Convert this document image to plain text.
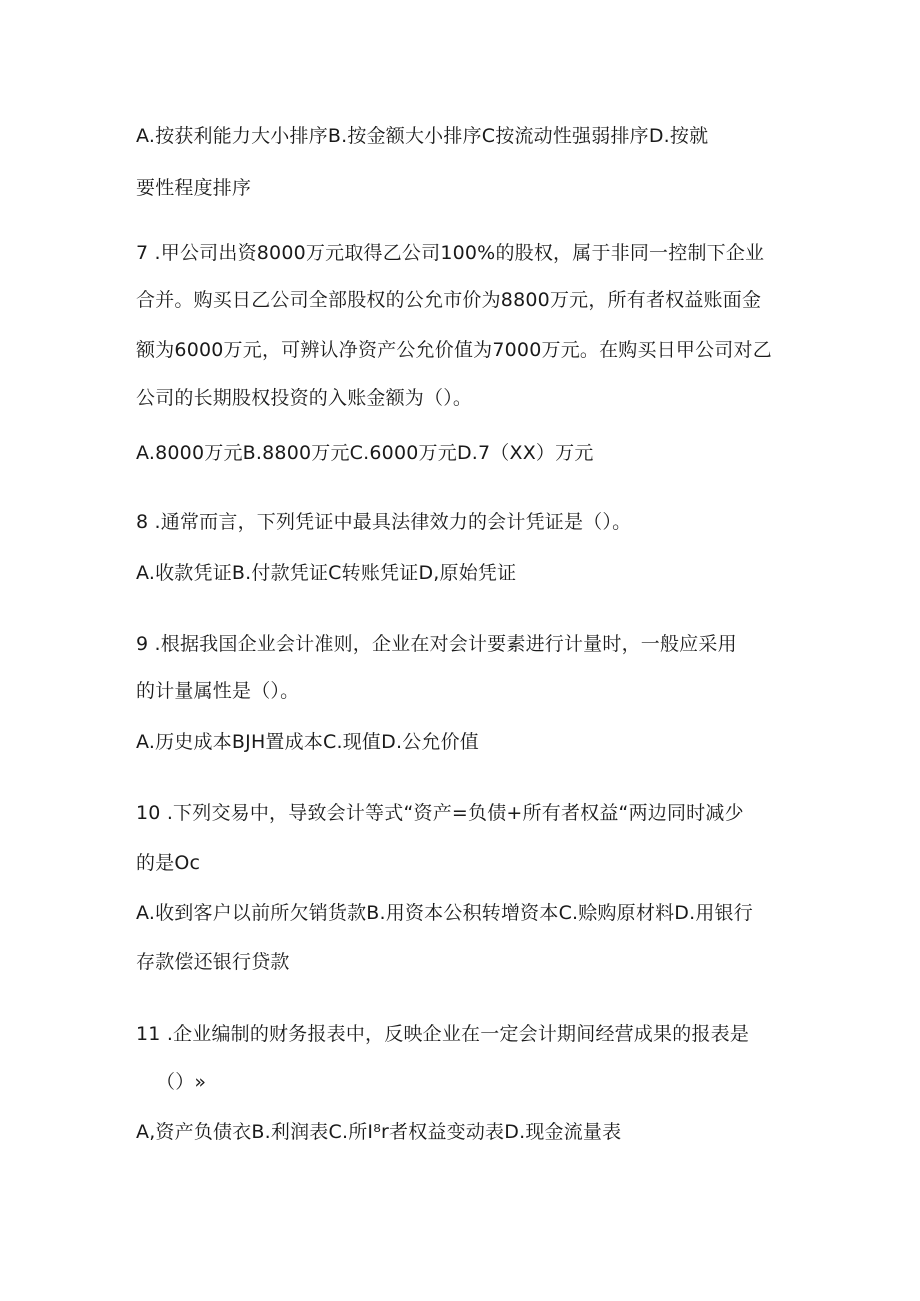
A.按获利能力大小排序B.按金额大小排序C按流动性强弱排序D.按就
要性程度排序
7 .甲公司出资8000万元取得乙公司100%的股权，属于非同一控制下企业
合并。购买日乙公司全部股权的公允市价为8800万元，所有者权益账面金
额为6000万元，可辨认净资产公允价值为7000万元。在购买日甲公司对乙
公司的长期股权投资的入账金额为（）。
A.8000万元B.8800万元C.6000万元D.7（XX）万元
8 .通常而言，下列凭证中最具法律效力的会计凭证是（）。
A.收款凭证B.付款凭证C转账凭证D,原始凭证
9 .根据我国企业会计准则，企业在对会计要素进行计量时，一般应采用
的计量属性是（）。
A.历史成本BJH置成本C.现值D.公允价值
10 .下列交易中，导致会计等式“资产=负债+所有者权益“两边同时减少
的是Oc
A.收到客户以前所欠销货款B.用资本公积转增资本C.赊购原材料D.用银行
存款偿还银行贷款
11 .企业编制的财务报表中，反映企业在一定会计期间经营成果的报表是
（）»
A,资产负债衣B.利润表C.所I⁸r者权益变动表D.现金流量表
